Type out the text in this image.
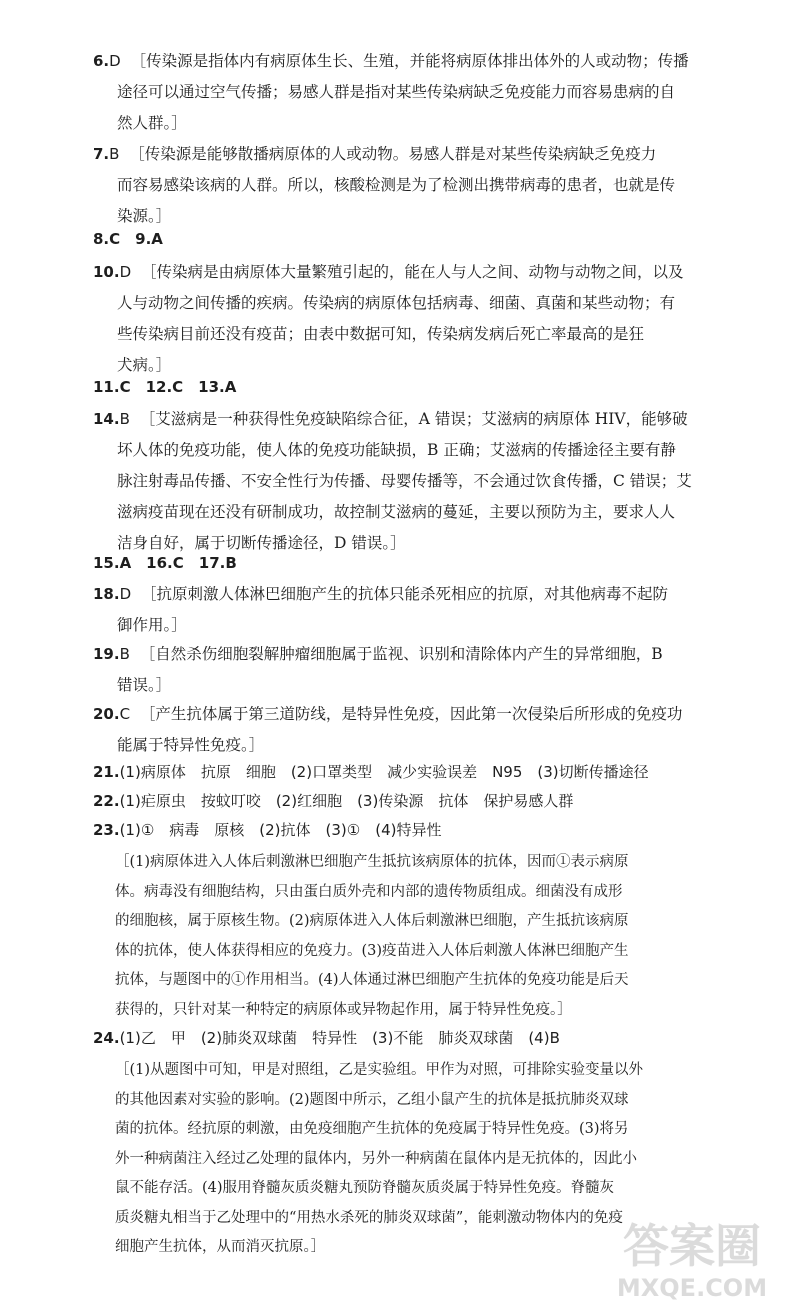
6.D ［传染源是指体内有病原体生长、生殖，并能将病原体排出体外的人或动物；传播
途径可以通过空气传播；易感人群是指对某些传染病缺乏免疫能力而容易患病的自
然人群。］
7.B ［传染源是能够散播病原体的人或动物。易感人群是对某些传染病缺乏免疫力
而容易感染该病的人群。所以，核酸检测是为了检测出携带病毒的患者，也就是传
染源。］
8.C　9.A
10.D ［传染病是由病原体大量繁殖引起的，能在人与人之间、动物与动物之间，以及
人与动物之间传播的疾病。传染病的病原体包括病毒、细菌、真菌和某些动物；有
些传染病目前还没有疫苗；由表中数据可知，传染病发病后死亡率最高的是狂
犬病。］
11.C　12.C　13.A
14.B ［艾滋病是一种获得性免疫缺陷综合征，A 错误；艾滋病的病原体 HIV，能够破
坏人体的免疫功能，使人体的免疫功能缺损，B 正确；艾滋病的传播途径主要有静
脉注射毒品传播、不安全性行为传播、母婴传播等，不会通过饮食传播，C 错误；艾
滋病疫苗现在还没有研制成功，故控制艾滋病的蔓延，主要以预防为主，要求人人
洁身自好，属于切断传播途径，D 错误。］
15.A　16.C　17.B
18.D ［抗原刺激人体淋巴细胞产生的抗体只能杀死相应的抗原，对其他病毒不起防
御作用。］
19.B ［自然杀伤细胞裂解肿瘤细胞属于监视、识别和清除体内产生的异常细胞，B
错误。］
20.C ［产生抗体属于第三道防线，是特异性免疫，因此第一次侵染后所形成的免疫功
能属于特异性免疫。］
21.(1)病原体　抗原　细胞　(2)口罩类型　减少实验误差　N95　(3)切断传播途径
22.(1)疟原虫　按蚊叮咬　(2)红细胞　(3)传染源　抗体　保护易感人群
23.(1)①　病毒　原核　(2)抗体　(3)①　(4)特异性
［(1)病原体进入人体后刺激淋巴细胞产生抵抗该病原体的抗体，因而①表示病原
体。病毒没有细胞结构，只由蛋白质外壳和内部的遗传物质组成。细菌没有成形
的细胞核，属于原核生物。(2)病原体进入人体后刺激淋巴细胞，产生抵抗该病原
体的抗体，使人体获得相应的免疫力。(3)疫苗进入人体后刺激人体淋巴细胞产生
抗体，与题图中的①作用相当。(4)人体通过淋巴细胞产生抗体的免疫功能是后天
获得的，只针对某一种特定的病原体或异物起作用，属于特异性免疫。］
24.(1)乙　甲　(2)肺炎双球菌　特异性　(3)不能　肺炎双球菌　(4)B
［(1)从题图中可知，甲是对照组，乙是实验组。甲作为对照，可排除实验变量以外
的其他因素对实验的影响。(2)题图中所示，乙组小鼠产生的抗体是抵抗肺炎双球
菌的抗体。经抗原的刺激，由免疫细胞产生抗体的免疫属于特异性免疫。(3)将另
外一种病菌注入经过乙处理的鼠体内，另外一种病菌在鼠体内是无抗体的，因此小
鼠不能存活。(4)服用脊髓灰质炎糖丸预防脊髓灰质炎属于特异性免疫。脊髓灰
质炎糖丸相当于乙处理中的“用热水杀死的肺炎双球菌”，能刺激动物体内的免疫
细胞产生抗体，从而消灭抗原。］	答案圈
MXQE.COM
